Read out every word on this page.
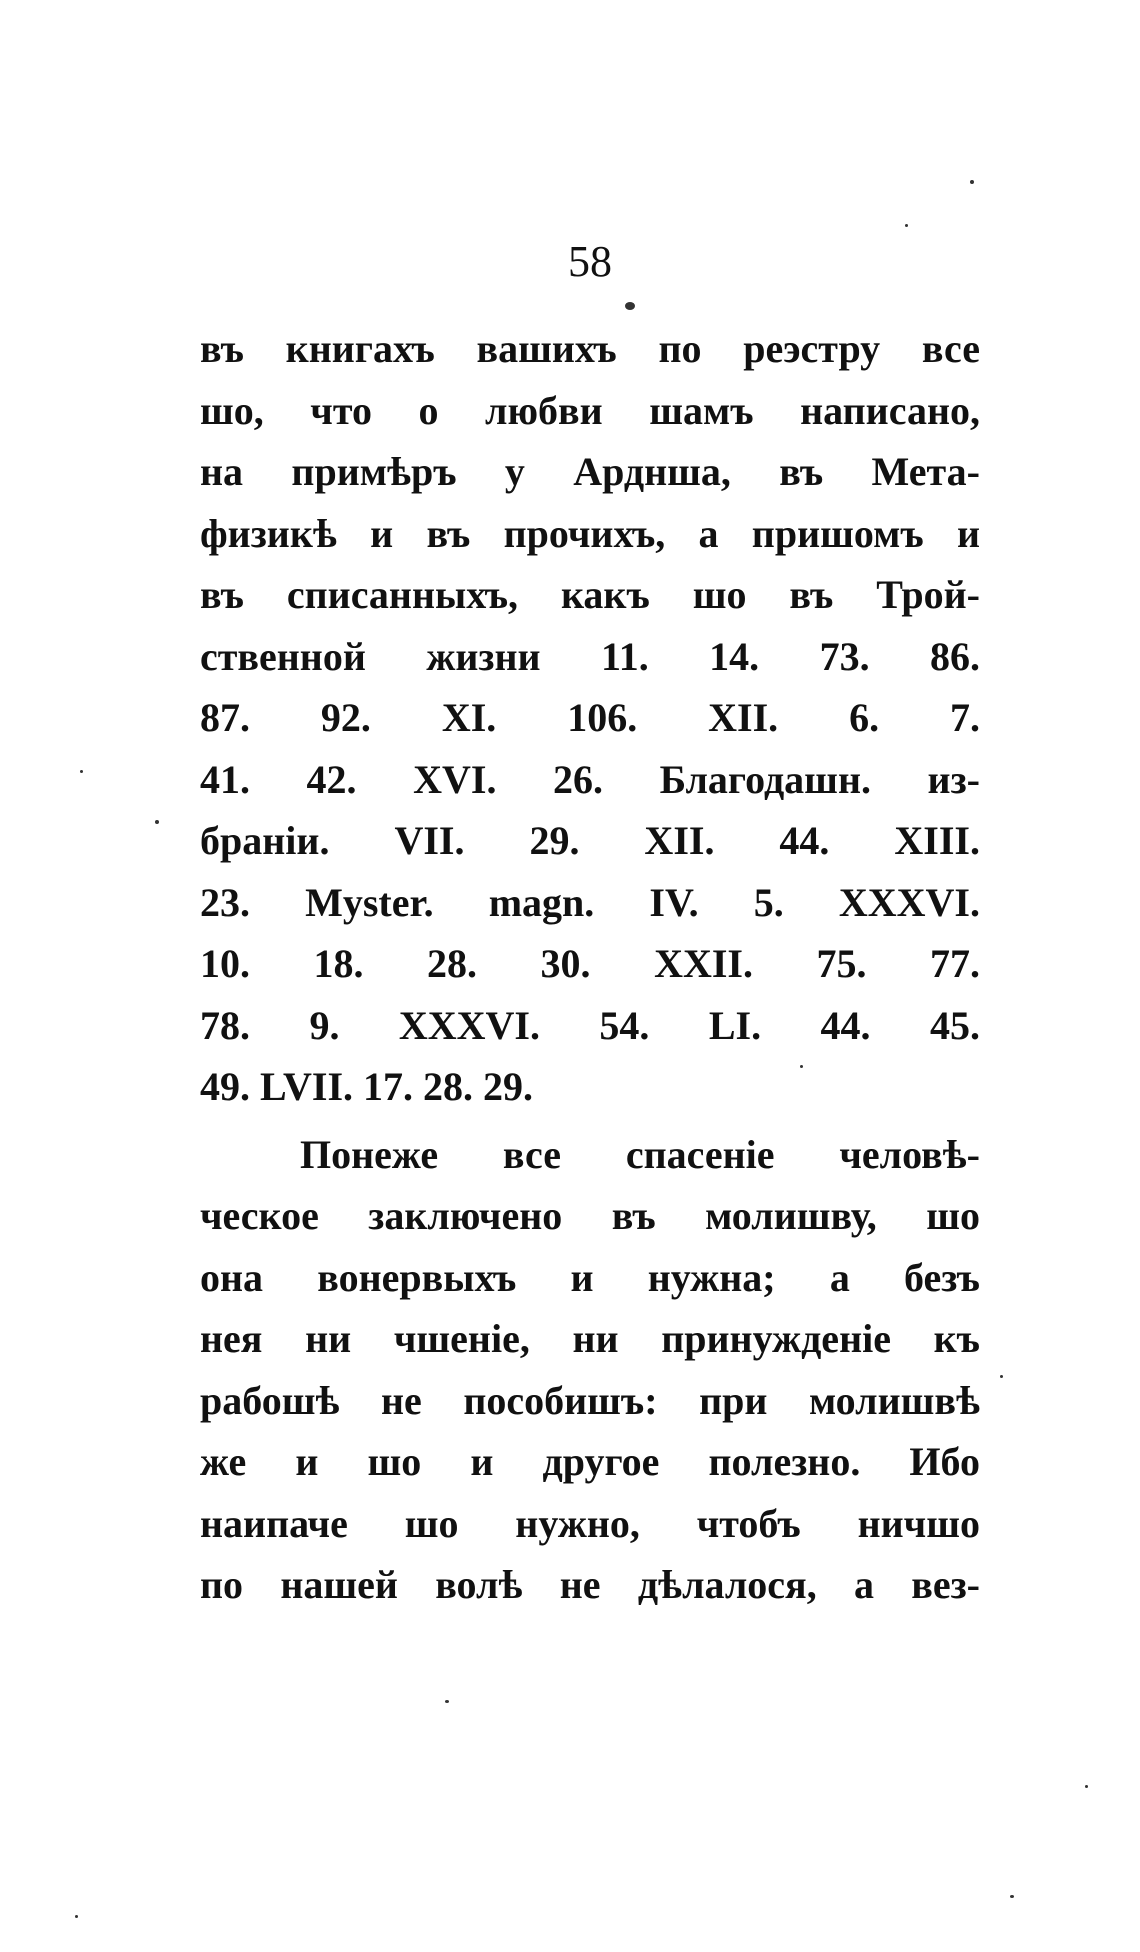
58
въ книгахъ вашихъ по реэстру все
шо, что о любви шамъ написано,
на примѣръ у Арднша, въ Мета-
физикѣ и въ прочихъ, а пришомъ и
въ списанныхъ, какъ шо въ Трой-
ственной жизни 11. 14. 73. 86.
87. 92. XI. 106. XII. 6. 7.
41. 42. XVI. 26. Благодашн. из-
бранiи. VII. 29. XII. 44. XIII.
23. Myster. magn. IV. 5. XXXVI.
10. 18. 28. 30. XXII. 75. 77.
78. 9. XXXVI. 54. LI. 44. 45.
49. LVII. 17. 28. 29.
Понеже все спасенiе человѣ-
ческое заключено въ молишву, шо
она вонервыхъ и нужна; а безъ
нея ни чшенiе, ни принужденiе къ
рабошѣ не пособишъ: при молишвѣ
же и шо и другое полезно. Ибо
наипаче шо нужно, чтобъ ничшо
по нашей волѣ не дѣлалося, а вез-
